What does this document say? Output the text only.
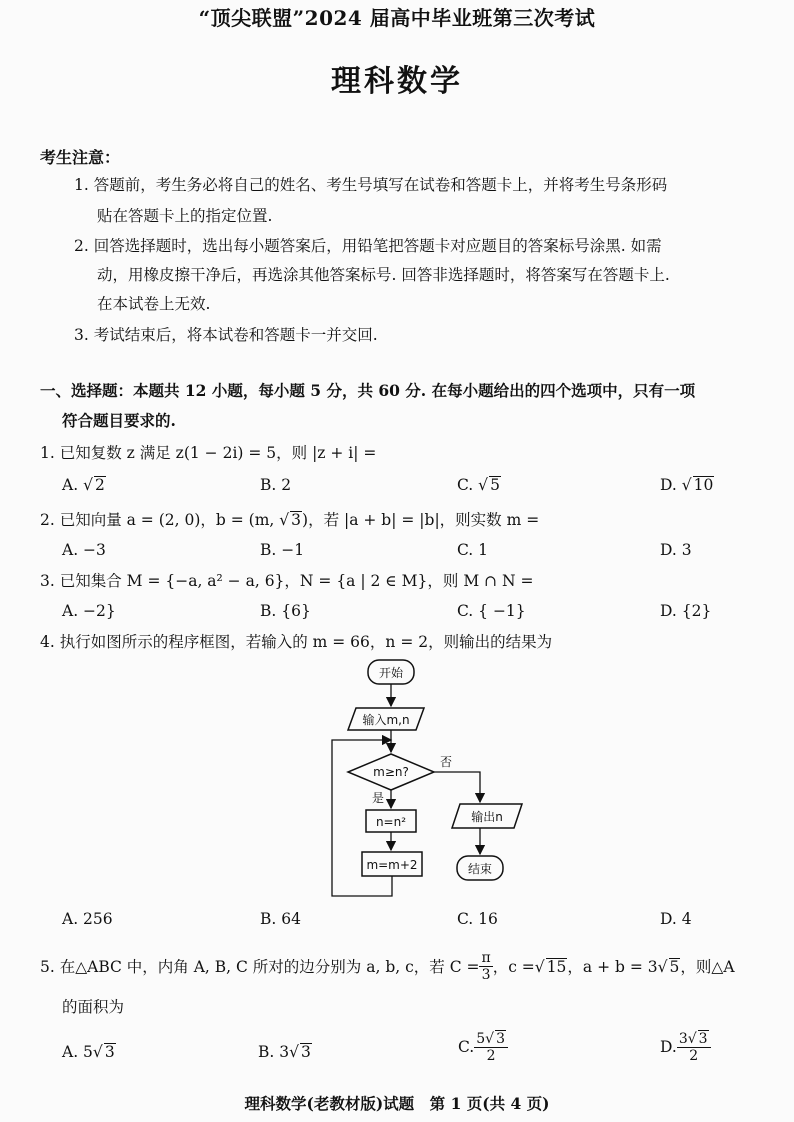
“顶尖联盟”2024 届高中毕业班第三次考试
理科数学
考生注意：
1. 答题前，考生务必将自己的姓名、考生号填写在试卷和答题卡上，并将考生号条形码
贴在答题卡上的指定位置.
2. 回答选择题时，选出每小题答案后，用铅笔把答题卡对应题目的答案标号涂黑. 如需
动，用橡皮擦干净后，再选涂其他答案标号. 回答非选择题时，将答案写在答题卡上.
在本试卷上无效.
3. 考试结束后，将本试卷和答题卡一并交回.
一、选择题：本题共 12 小题，每小题 5 分，共 60 分. 在每小题给出的四个选项中，只有一项
符合题目要求的.
1. 已知复数 z 满足 z(1 − 2i) = 5，则 |z + i| =
A. √ 2	B. 2	C. √ 5	D. √ 10
2. 已知向量 a = (2, 0)，b = (m, √ 3)，若 |a + b| = |b|，则实数 m =
A. −3	B. −1	C. 1	D. 3
3. 已知集合 M = {−a, a² − a, 6}，N = {a | 2 ∈ M}，则 M ∩ N =
A. −2}	B. {6}	C. { −1}	D. {2}
4. 执行如图所示的程序框图，若输入的 m = 66，n = 2，则输出的结果为
开始
输入m,n
m≥n?
否
是
n=n²
m=m+2
输出n
结束
A. 256	B. 64	C. 16	D. 4
5. 在△ABC 中，内角 A, B, C 所对的边分别为 a, b, c，若 $C = \frac{\pi}{3}$ ，c = √ 15 ，a + b = 3 √ 5 ，则△A
的面积为
A. 5√ 3	B. 3√ 3	C. $\frac{5√ 3}{2}$	D. $\frac{3√ 3}{2}$
理科数学(老教材版)试题　第 1 页(共 4 页)
